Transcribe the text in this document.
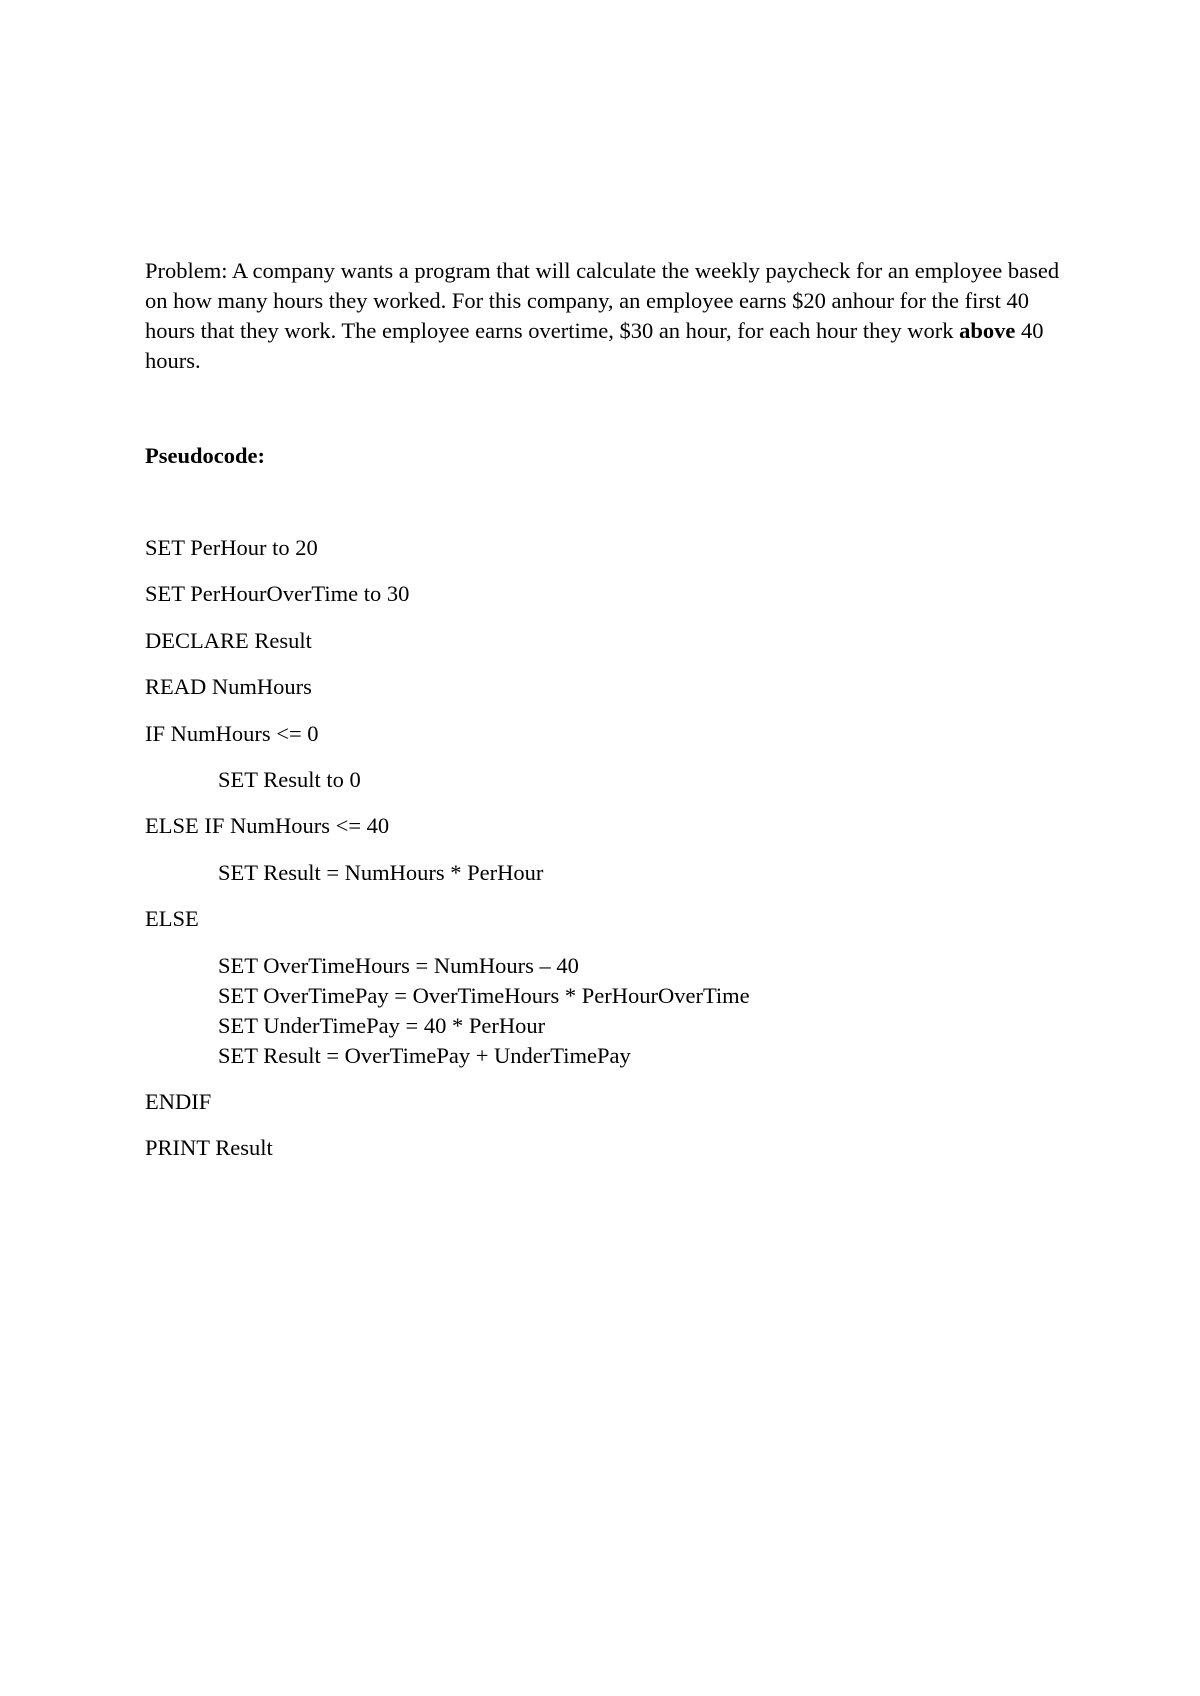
Problem: A company wants a program that will calculate the weekly paycheck for an employee based on how many hours they worked. For this company, an employee earns $20 anhour for the first 40 hours that they work. The employee earns overtime, $30 an hour, for each hour they work above 40 hours.

Pseudocode:

SET PerHour to 20

SET PerHourOverTime to 30

DECLARE Result

READ NumHours

IF NumHours <= 0

SET Result to 0

ELSE IF NumHours <= 40

SET Result = NumHours * PerHour

ELSE

SET OverTimeHours = NumHours – 40

SET OverTimePay = OverTimeHours * PerHourOverTime

SET UnderTimePay = 40 * PerHour

SET Result = OverTimePay + UnderTimePay

ENDIF

PRINT Result
